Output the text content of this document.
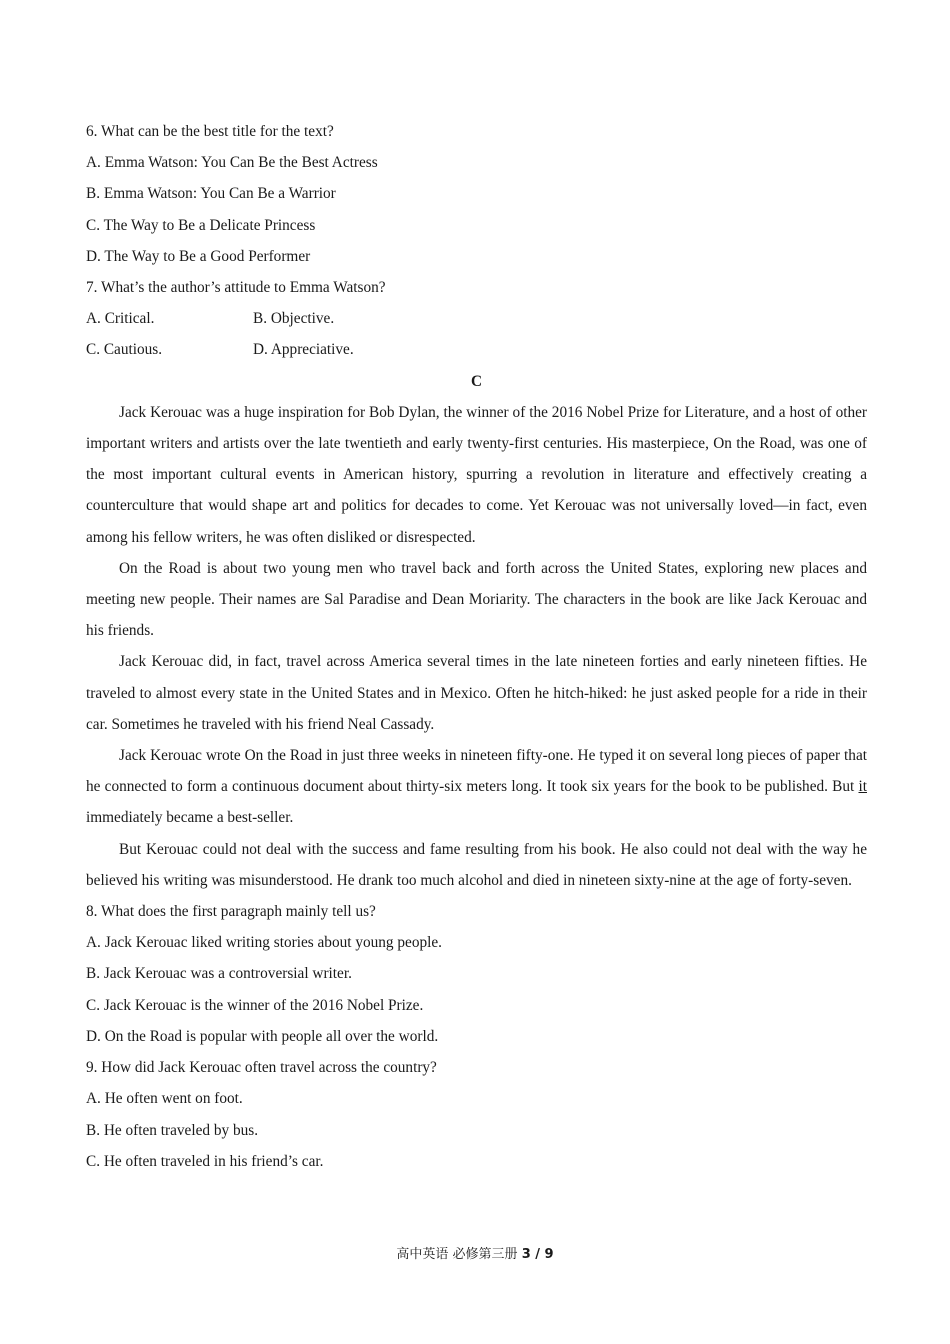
6. What can be the best title for the text?
A. Emma Watson: You Can Be the Best Actress
B. Emma Watson: You Can Be a Warrior
C. The Way to Be a Delicate Princess
D. The Way to Be a Good Performer
7. What’s the author’s attitude to Emma Watson?
A. Critical.	B. Objective.
C. Cautious.	D. Appreciative.
C

Jack Kerouac was a huge inspiration for Bob Dylan, the winner of the 2016 Nobel Prize for Literature, and a host of other important writers and artists over the late twentieth and early twenty-first centuries. His masterpiece, On the Road, was one of the most important cultural events in American history, spurring a revolution in literature and effectively creating a counterculture that would shape art and politics for decades to come. Yet Kerouac was not universally loved—in fact, even among his fellow writers, he was often disliked or disrespected.

On the Road is about two young men who travel back and forth across the United States, exploring new places and meeting new people. Their names are Sal Paradise and Dean Moriarity. The characters in the book are like Jack Kerouac and his friends.

Jack Kerouac did, in fact, travel across America several times in the late nineteen forties and early nineteen fifties. He traveled to almost every state in the United States and in Mexico. Often he hitch-hiked: he just asked people for a ride in their car. Sometimes he traveled with his friend Neal Cassady.

Jack Kerouac wrote On the Road in just three weeks in nineteen fifty-one. He typed it on several long pieces of paper that he connected to form a continuous document about thirty-six meters long. It took six years for the book to be published. But it immediately became a best-seller.

But Kerouac could not deal with the success and fame resulting from his book. He also could not deal with the way he believed his writing was misunderstood. He drank too much alcohol and died in nineteen sixty-nine at the age of forty-seven.

8. What does the first paragraph mainly tell us?
A. Jack Kerouac liked writing stories about young people.
B. Jack Kerouac was a controversial writer.
C. Jack Kerouac is the winner of the 2016 Nobel Prize.
D. On the Road is popular with people all over the world.
9. How did Jack Kerouac often travel across the country?
A. He often went on foot.
B. He often traveled by bus.
C. He often traveled in his friend’s car.
高中英语 必修第三册 3 / 9
